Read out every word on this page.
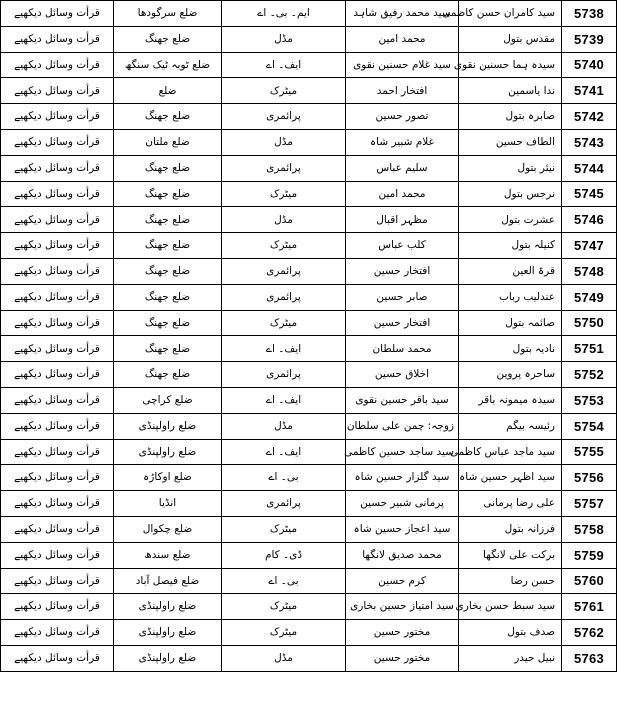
قرأت وسائل دیکھیے	ضلع سرگودھا	ایم۔ بی۔ اے	سید محمد رفیق شاہد	سید کامران حسن کاظمی	5738
قرأت وسائل دیکھیے	ضلع جھنگ	مڈل	محمد امین	مقدس بتول	5739
قرأت وسائل دیکھیے	ضلع ٹوبہ ٹیک سنگھ	ایف۔ اے	سید غلام حسنین نقوی	سیدہ ہما حسنین نقوی	5740
قرأت وسائل دیکھیے	ضلع	میٹرک	افتخار احمد	ندا یاسمین	5741
قرأت وسائل دیکھیے	ضلع جھنگ	پرائمری	تصور حسین	صابرہ بتول	5742
قرأت وسائل دیکھیے	ضلع ملتان	مڈل	غلام شبیر شاہ	الطاف حسین	5743
قرأت وسائل دیکھیے	ضلع جھنگ	پرائمری	سلیم عباس	نیئر بتول	5744
قرأت وسائل دیکھیے	ضلع جھنگ	میٹرک	محمد امین	نرجس بتول	5745
قرأت وسائل دیکھیے	ضلع جھنگ	مڈل	مظہر اقبال	عشرت بتول	5746
قرأت وسائل دیکھیے	ضلع جھنگ	میٹرک	کلب عباس	کنیلہ بتول	5747
قرأت وسائل دیکھیے	ضلع جھنگ	پرائمری	افتخار حسین	قرۃ العین	5748
قرأت وسائل دیکھیے	ضلع جھنگ	پرائمری	صابر حسین	عندلیب رباب	5749
قرأت وسائل دیکھیے	ضلع جھنگ	میٹرک	افتخار حسین	صائمہ بتول	5750
قرأت وسائل دیکھیے	ضلع جھنگ	ایف۔ اے	محمد سلطان	نادیہ بتول	5751
قرأت وسائل دیکھیے	ضلع جھنگ	پرائمری	اخلاق حسین	ساحرہ پروین	5752
قرأت وسائل دیکھیے	ضلع کراچی	ایف۔ اے	سید باقر حسین نقوی	سیدہ میمونہ باقر	5753
قرأت وسائل دیکھیے	ضلع راولپنڈی	مڈل	زوجہ: چمن علی سلطان	رئیسہ بیگم	5754
قرأت وسائل دیکھیے	ضلع راولپنڈی	ایف۔ اے	سید ساجد حسین کاظمی	سید ماجد عباس کاظمی	5755
قرأت وسائل دیکھیے	ضلع اوکاڑہ	بی۔ اے	سید گلزار حسین شاہ	سید اظہر حسین شاہ	5756
قرأت وسائل دیکھیے	انڈیا	پرائمری	پرمانی شبیر حسین	علی رضا پرمانی	5757
قرأت وسائل دیکھیے	ضلع چکوال	میٹرک	سید اعجاز حسین شاہ	فرزانہ بتول	5758
قرأت وسائل دیکھیے	ضلع سندھ	ڈی۔ کام	محمد صدیق لانگھا	برکت علی لانگھا	5759
قرأت وسائل دیکھیے	ضلع فیصل آباد	بی۔ اے	کرم حسین	حسن رضا	5760
قرأت وسائل دیکھیے	ضلع راولپنڈی	میٹرک	سید امتیاز حسین بخاری	سید سبط حسن بخاری	5761
قرأت وسائل دیکھیے	ضلع راولپنڈی	میٹرک	مختور حسین	صدف بتول	5762
قرأت وسائل دیکھیے	ضلع راولپنڈی	مڈل	مختور حسین	نبیل حیدر	5763
